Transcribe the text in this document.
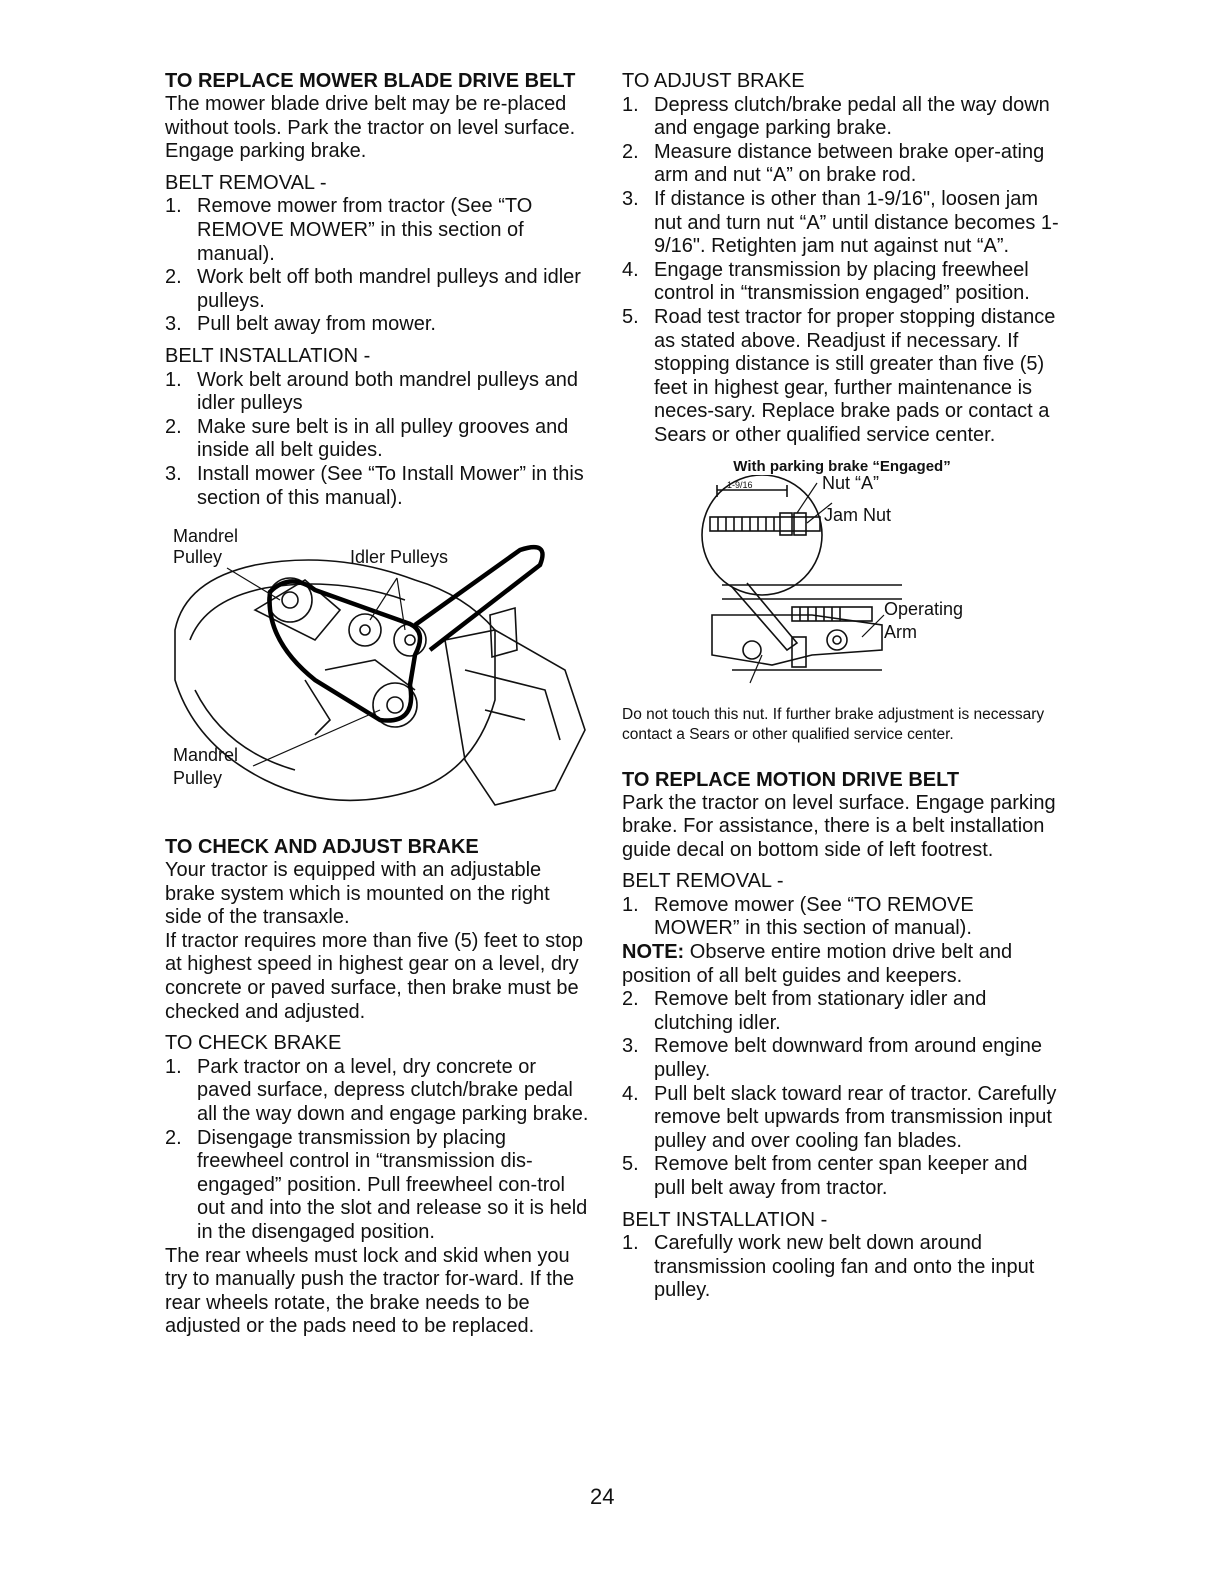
TO REPLACE MOWER BLADE DRIVE BELT

The mower blade drive belt may be re-placed without tools. Park the tractor on level surface. Engage parking brake.

BELT REMOVAL -

1. Remove mower from tractor (See “TO REMOVE MOWER” in this section of manual).
2. Work belt off both mandrel pulleys and idler pulleys.
3. Pull belt away from mower.

BELT INSTALLATION -

1. Work belt around both mandrel pulleys and idler pulleys
2. Make sure belt is in all pulley grooves and inside all belt guides.
3. Install mower (See “To Install Mower” in this section of this manual).
Mandrel
Pulley	Idler Pulleys
Mandrel
Pulley

TO CHECK AND ADJUST BRAKE

Your tractor is equipped with an adjustable brake system which is mounted on the right side of the transaxle.

If tractor requires more than five (5) feet to stop at highest speed in highest gear on a level, dry concrete or paved surface, then brake must be checked and adjusted.

TO CHECK BRAKE

1. Park tractor on a level, dry concrete or paved surface, depress clutch/brake pedal all the way down and engage parking brake.
2. Disengage transmission by placing freewheel control in “transmission dis-engaged” position. Pull freewheel con-trol out and into the slot and release so it is held in the disengaged position.

The rear wheels must lock and skid when you try to manually push the tractor for-ward. If the rear wheels rotate, the brake needs to be adjusted or the pads need to be replaced.

TO ADJUST BRAKE

1. Depress clutch/brake pedal all the way down and engage parking brake.
2. Measure distance between brake oper-ating arm and nut “A” on brake rod.
3. If distance is other than 1-9/16", loosen jam nut and turn nut “A” until distance becomes 1-9/16". Retighten jam nut against nut “A”.
4. Engage transmission by placing freewheel control in “transmission engaged” position.
5. Road test tractor for proper stopping distance as stated above. Readjust if necessary. If stopping distance is still greater than five (5) feet in highest gear, further maintenance is neces-sary. Replace brake pads or contact a Sears or other qualified service center.

With parking brake “Engaged”

1-9/16	Nut “A”
Jam Nut
Operating
Arm

Do not touch this nut. If further brake adjustment is necessary contact a Sears or other qualified service center.

TO REPLACE MOTION DRIVE BELT

Park the tractor on level surface. Engage parking brake. For assistance, there is a belt installation guide decal on bottom side of left footrest.

BELT REMOVAL -

1. Remove mower (See “TO REMOVE MOWER” in this section of manual).

NOTE: Observe entire motion drive belt and position of all belt guides and keepers.

2. Remove belt from stationary idler and clutching idler.
3. Remove belt downward from around engine pulley.
4. Pull belt slack toward rear of tractor. Carefully remove belt upwards from transmission input pulley and over cooling fan blades.
5. Remove belt from center span keeper and pull belt away from tractor.

BELT INSTALLATION -

1. Carefully work new belt down around transmission cooling fan and onto the input pulley.
24
